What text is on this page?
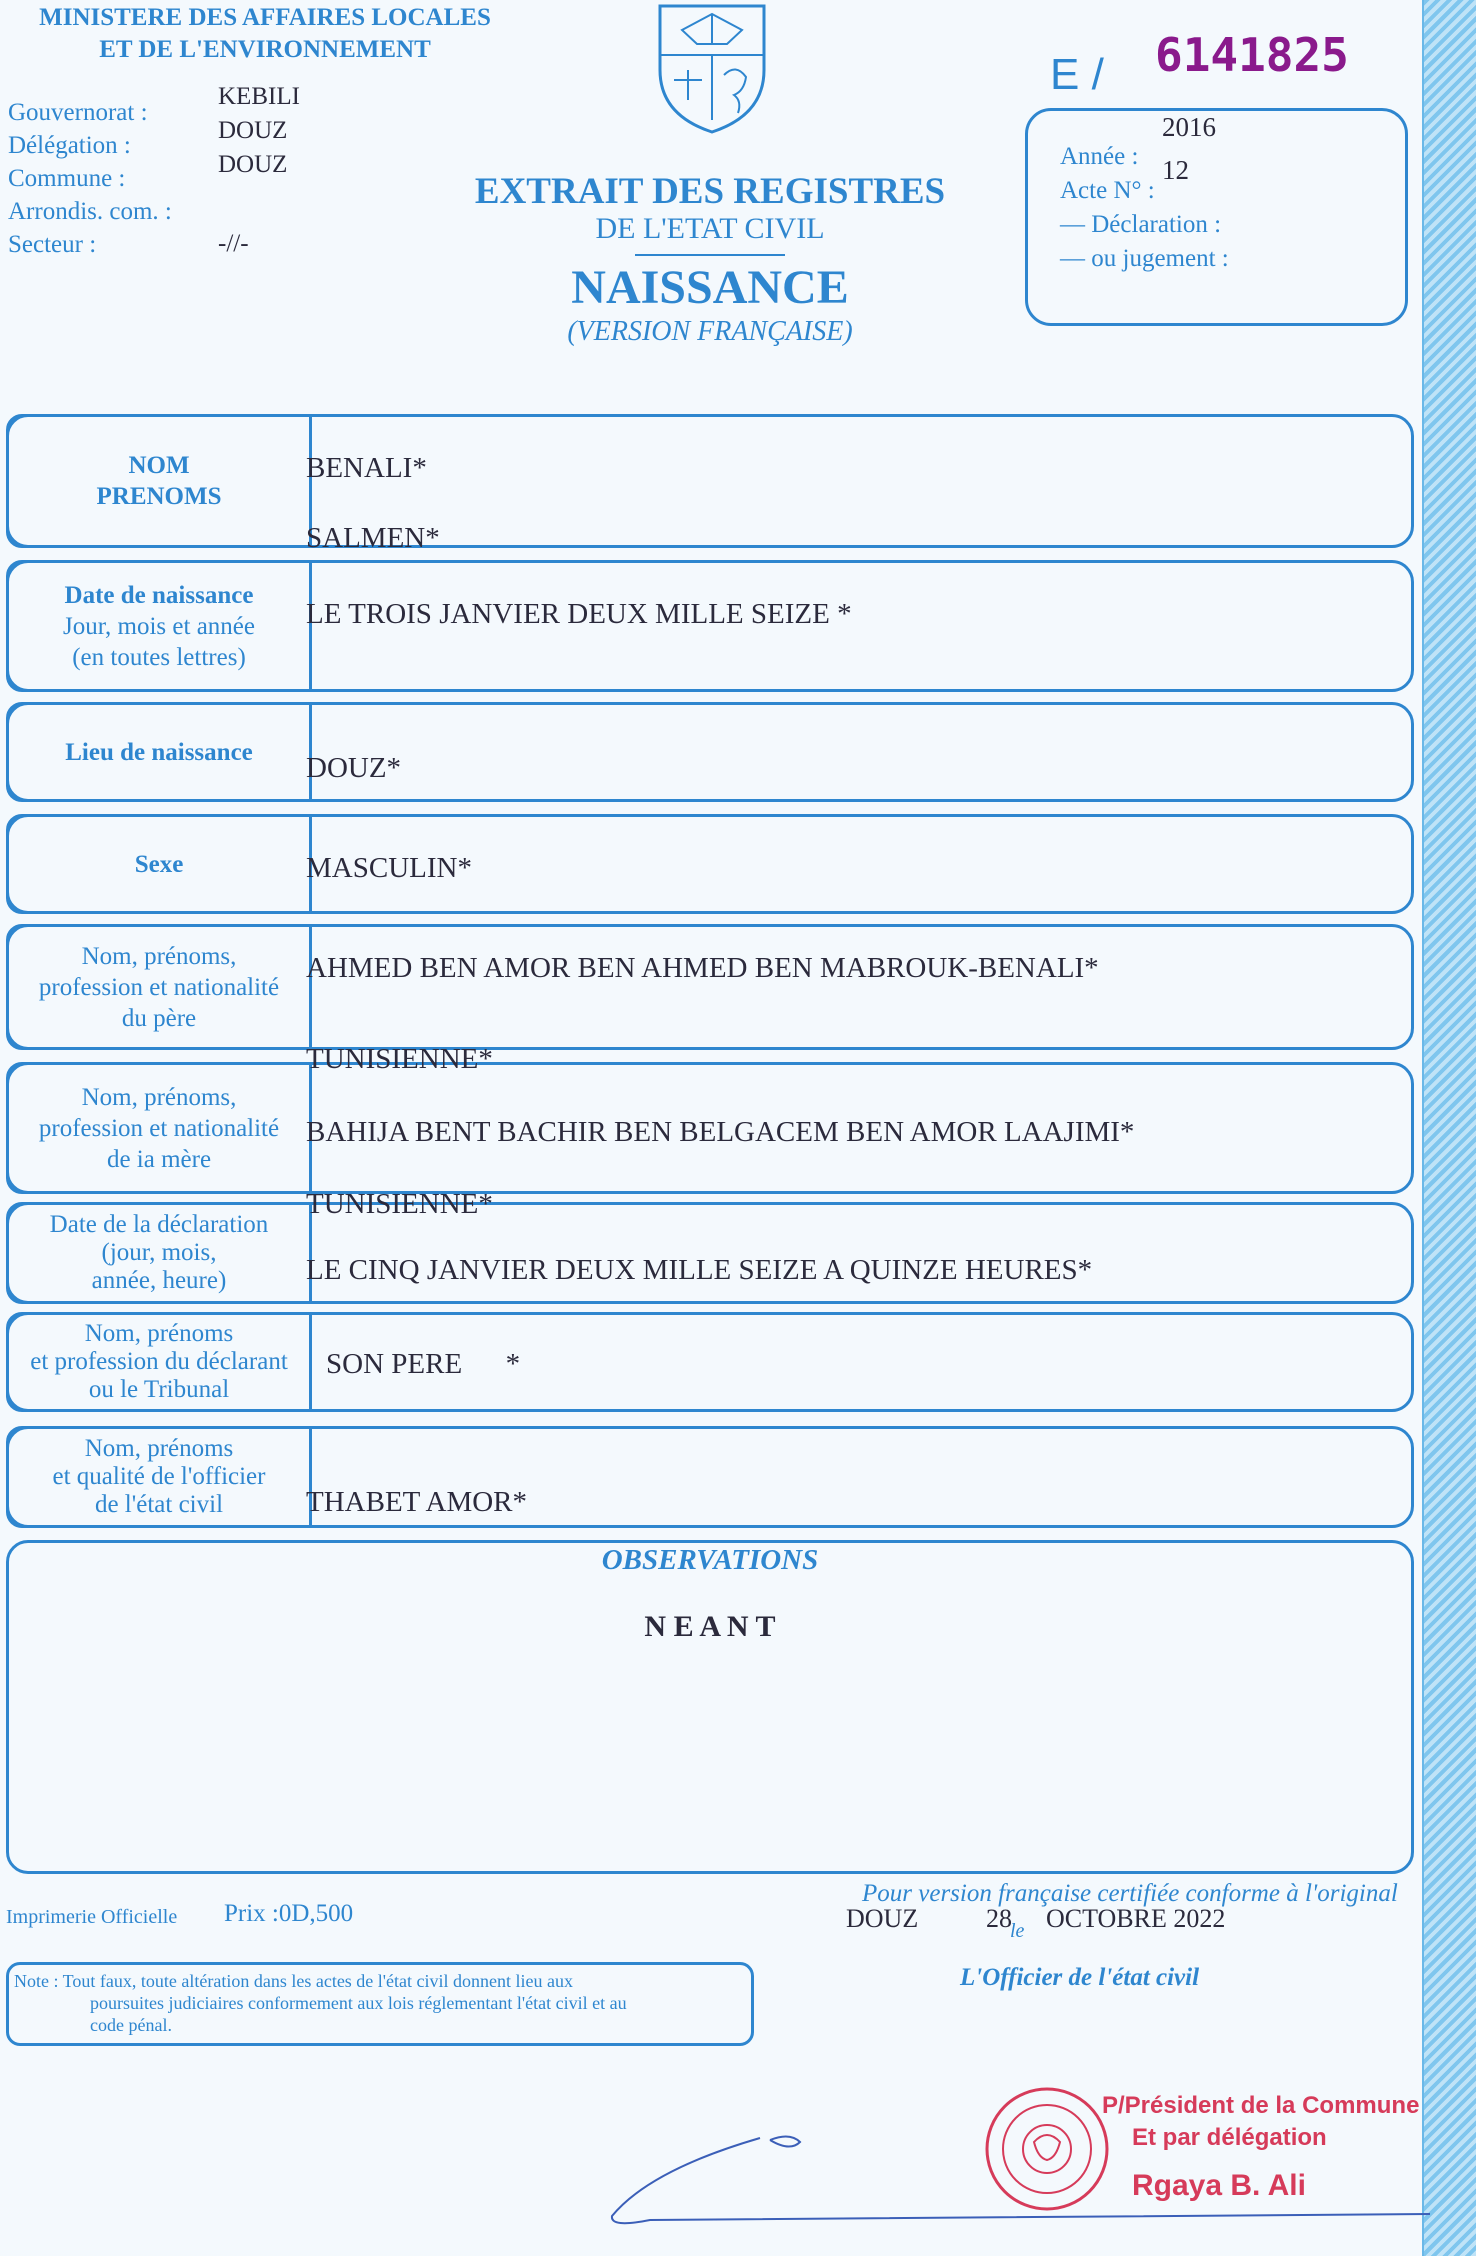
MINISTERE DES AFFAIRES LOCALES
ET DE L'ENVIRONNEMENT
Gouvernorat :
Délégation :
Commune :
Arrondis. com. :
Secteur :
KEBILI
DOUZ
DOUZ
-//-
EXTRAIT DES REGISTRES
DE L'ETAT CIVIL
NAISSANCE
(VERSION FRANÇAISE)
E / 6141825
Année :
Acte N° :
— Déclaration :
— ou jugement :
2016
12
NOM
PRENOMS
Date de naissance
Jour, mois et année
(en toutes lettres)
Lieu de naissance
Sexe
Nom, prénoms,
profession et nationalité
du père
Nom, prénoms,
profession et nationalité
de ia mère
Date de la déclaration
(jour, mois,
année, heure)
Nom, prénoms
et profession du déclarant
ou le Tribunal
Nom, prénoms
et qualité de l'officier
de l'état civil
BENALI*
SALMEN*
LE TROIS JANVIER DEUX MILLE SEIZE *
DOUZ*
MASCULIN*
AHMED BEN AMOR BEN AHMED BEN MABROUK-BENALI*
TUNISIENNE*
BAHIJA BENT BACHIR BEN BELGACEM BEN AMOR LAAJIMI*
TUNISIENNE*
LE CINQ JANVIER DEUX MILLE SEIZE A QUINZE HEURES*
SON PERE      *
THABET AMOR*
OBSERVATIONS
N E A N T
Imprimerie Officielle Prix :0D,500
Pour version française certifiée conforme à l'original
DOUZ	28
le OCTOBRE 2022
L'Officier de l'état civil
Note : Tout faux, toute altération dans les actes de l'état civil donnent lieu aux
poursuites judiciaires conformement aux lois réglementant l'état civil et au
code pénal.
P/Président de la Commune
Et par délégation
Rgaya B. Ali
